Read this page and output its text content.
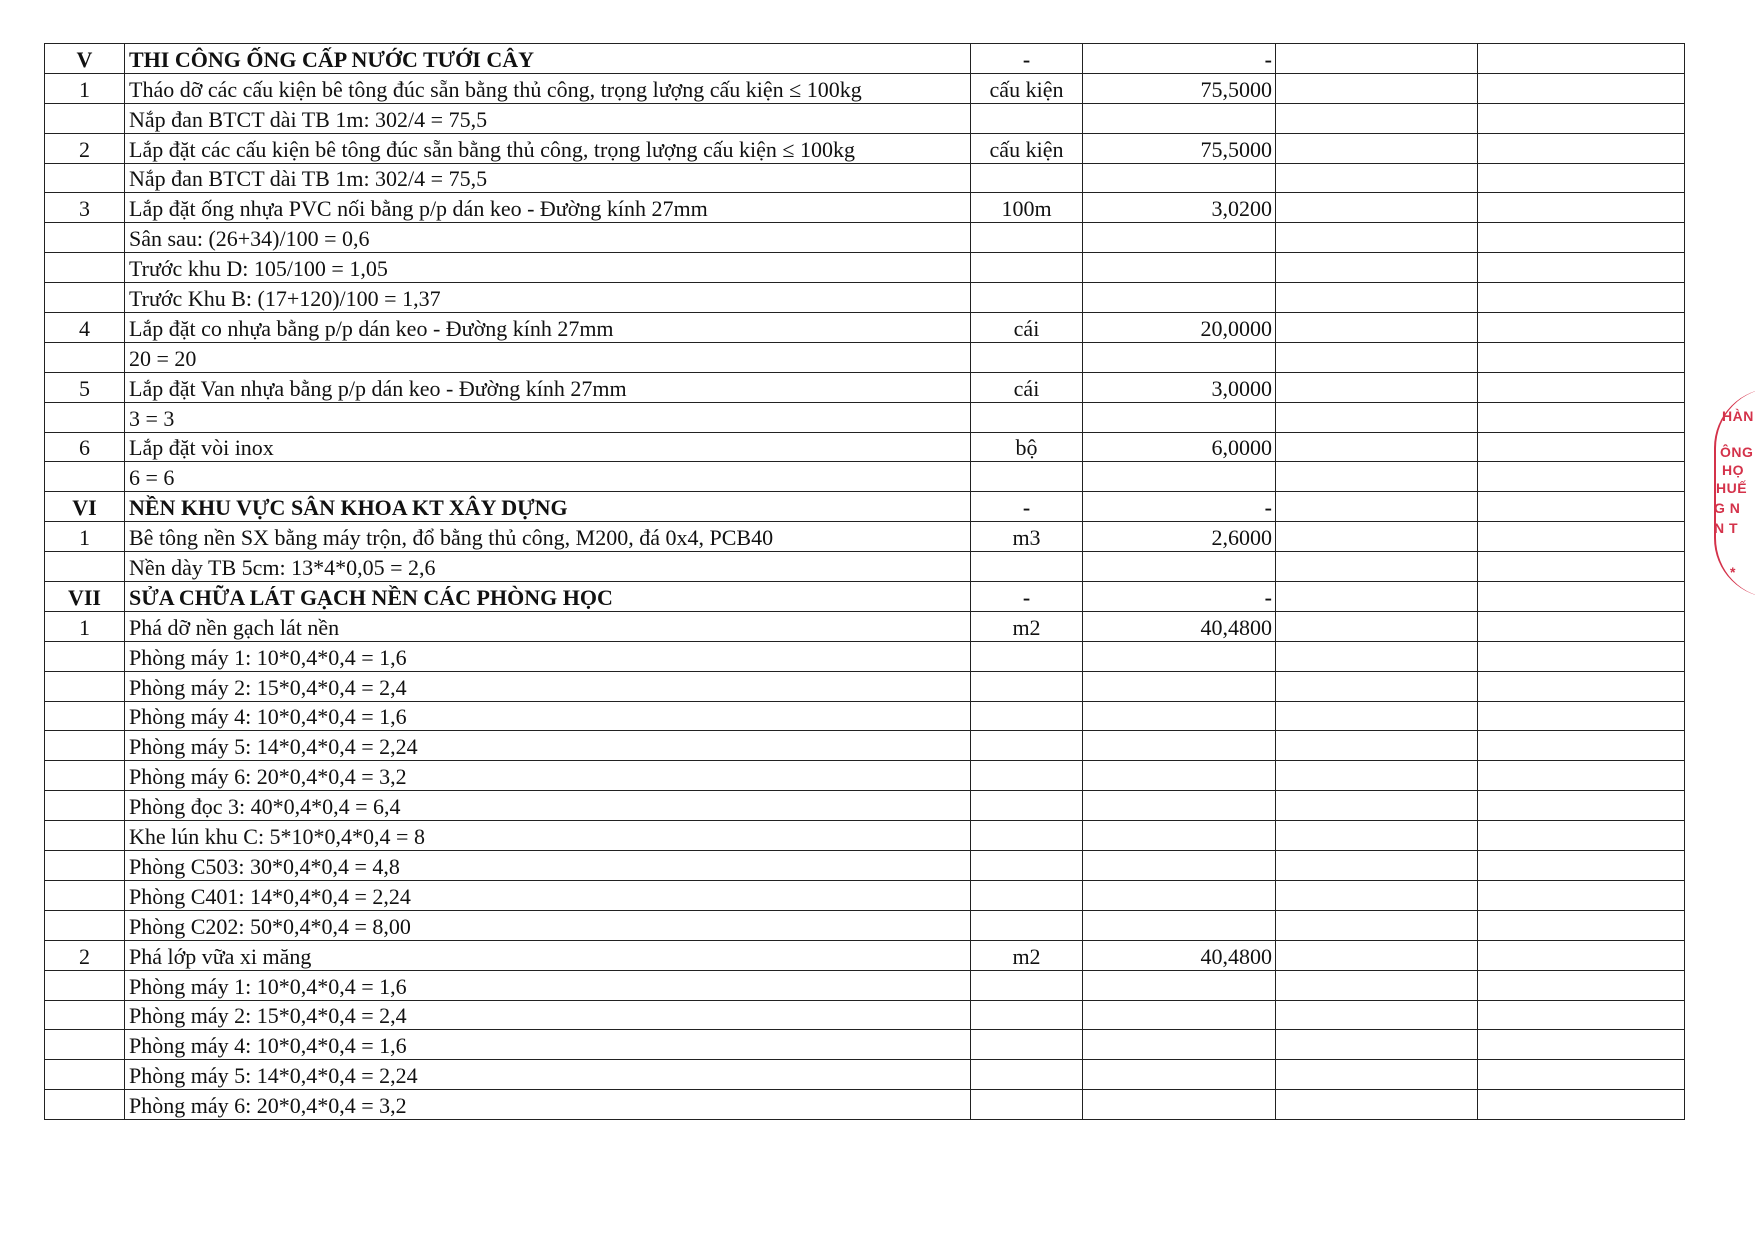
V	THI CÔNG ỐNG CẤP NƯỚC TƯỚI CÂY	-	-		
1	Tháo dỡ các cấu kiện bê tông đúc sẵn bằng thủ công, trọng lượng cấu kiện ≤ 100kg	cấu kiện	75,5000		
	Nắp đan BTCT dài TB 1m: 302/4 = 75,5				
2	Lắp đặt các cấu kiện bê tông đúc sẵn bằng thủ công, trọng lượng cấu kiện ≤ 100kg	cấu kiện	75,5000		
	Nắp đan BTCT dài TB 1m: 302/4 = 75,5				
3	Lắp đặt ống nhựa PVC nối bằng p/p dán keo - Đường kính 27mm	100m	3,0200		
	Sân sau: (26+34)/100 = 0,6				
	Trước khu D: 105/100 = 1,05				
	Trước Khu B: (17+120)/100 = 1,37				
4	Lắp đặt co nhựa bằng p/p dán keo - Đường kính 27mm	cái	20,0000		
	20 = 20				
5	Lắp đặt Van nhựa bằng p/p dán keo - Đường kính 27mm	cái	3,0000		
	3 = 3				
6	Lắp đặt vòi inox	bộ	6,0000		
	6 = 6				
VI	NỀN KHU VỰC SÂN KHOA KT XÂY DỰNG	-	-		
1	Bê tông nền SX bằng máy trộn, đổ bằng thủ công, M200, đá 0x4, PCB40	m3	2,6000		
	Nền dày TB 5cm: 13*4*0,05 = 2,6				
VII	SỬA CHỮA LÁT GẠCH NỀN CÁC PHÒNG HỌC	-	-		
1	Phá dỡ nền gạch lát nền	m2	40,4800		
	Phòng máy 1: 10*0,4*0,4 = 1,6				
	Phòng máy 2: 15*0,4*0,4 = 2,4				
	Phòng máy 4: 10*0,4*0,4 = 1,6				
	Phòng máy 5: 14*0,4*0,4 = 2,24				
	Phòng máy 6: 20*0,4*0,4 = 3,2				
	Phòng đọc 3: 40*0,4*0,4 = 6,4				
	Khe lún khu C: 5*10*0,4*0,4 = 8				
	Phòng C503: 30*0,4*0,4 = 4,8				
	Phòng C401: 14*0,4*0,4 = 2,24				
	Phòng C202: 50*0,4*0,4 = 8,00				
2	Phá lớp vữa xi măng	m2	40,4800		
	Phòng máy 1: 10*0,4*0,4 = 1,6				
	Phòng máy 2: 15*0,4*0,4 = 2,4				
	Phòng máy 4: 10*0,4*0,4 = 1,6				
	Phòng máy 5: 14*0,4*0,4 = 2,24				
	Phòng máy 6: 20*0,4*0,4 = 3,2				
HÀN
ÔNG
HỌ
HUẾ
G N
N T
*
